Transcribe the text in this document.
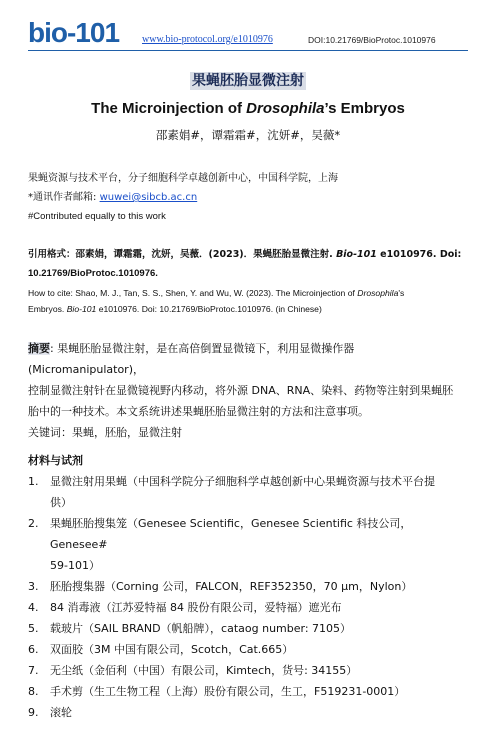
bio-101 www.bio-protocol.org/e1010976	DOI:10.21769/BioProtoc.1010976
果蝇胚胎显微注射
The Microinjection of Drosophila’s Embryos
邵素娟#，谭霜霜#，沈妍#，吴薇*
果蝇资源与技术平台，分子细胞科学卓越创新中心，中国科学院，上海
*通讯作者邮箱: wuwei@sibcb.ac.cn
#Contributed equally to this work
引用格式：邵素娟，谭霜霜，沈妍，吴薇．(2023)．果蝇胚胎显微注射. Bio-101 e1010976. Doi:
10.21769/BioProtoc.1010976.
How to cite: Shao, M. J., Tan, S. S., Shen, Y. and Wu, W. (2023). The Microinjection of Drosophila's
Embryos. Bio-101 e1010976. Doi: 10.21769/BioProtoc.1010976. (in Chinese)
摘要: 果蝇胚胎显微注射，是在高倍倒置显微镜下，利用显微操作器(Micromanipulator)，
控制显微注射针在显微镜视野内移动，将外源 DNA、RNA、染料、药物等注射到果蝇胚
胎中的一种技术。本文系统讲述果蝇胚胎显微注射的方法和注意事项。
关键词：果蝇，胚胎，显微注射
材料与试剂
1. 显微注射用果蝇（中国科学院分子细胞科学卓越创新中心果蝇资源与技术平台提
供）
2. 果蝇胚胎搜集笼（Genesee Scientific，Genesee Scientific 科技公司，Genesee#
59-101）
3. 胚胎搜集器（Corning 公司，FALCON，REF352350，70 μm，Nylon）
4. 84 消毒液（江苏爱特福 84 股份有限公司，爱特福）遮光布
5. 载玻片（SAIL BRAND（帆船牌），cataog number: 7105）
6. 双面胶（3M 中国有限公司，Scotch，Cat.665）
7. 无尘纸（金佰利（中国）有限公司，Kimtech，货号: 34155）
8. 手术剪（生工生物工程（上海）股份有限公司，生工，F519231-0001）
9. 滚轮
